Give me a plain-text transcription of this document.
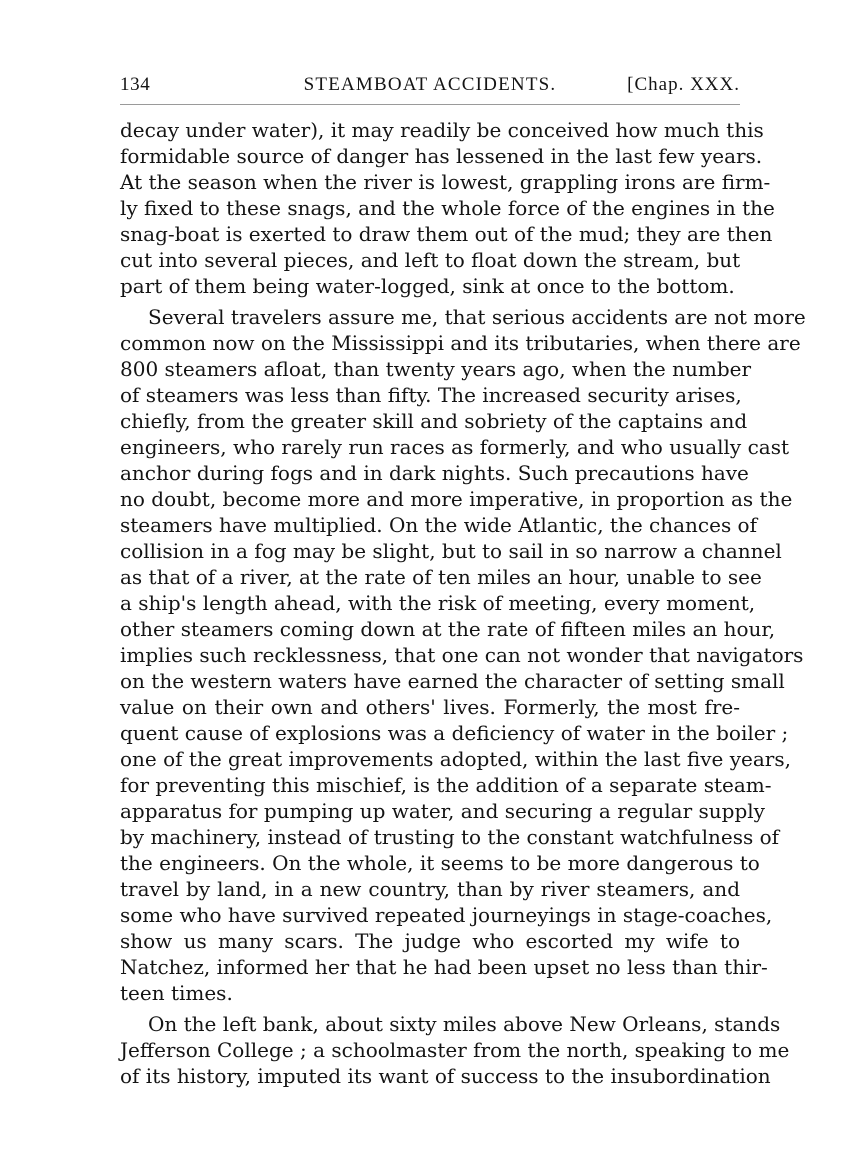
134	STEAMBOAT ACCIDENTS.	[Chap. XXX.
decay under water), it may readily be conceived how much this
formidable source of danger has lessened in the last few years.
At the season when the river is lowest, grappling irons are firm-
ly fixed to these snags, and the whole force of the engines in the
snag-boat is exerted to draw them out of the mud; they are then
cut into several pieces, and left to float down the stream, but
part of them being water-logged, sink at once to the bottom.
Several travelers assure me, that serious accidents are not more
common now on the Mississippi and its tributaries, when there are
800 steamers afloat, than twenty years ago, when the number
of steamers was less than fifty. The increased security arises,
chiefly, from the greater skill and sobriety of the captains and
engineers, who rarely run races as formerly, and who usually cast
anchor during fogs and in dark nights. Such precautions have
no doubt, become more and more imperative, in proportion as the
steamers have multiplied. On the wide Atlantic, the chances of
collision in a fog may be slight, but to sail in so narrow a channel
as that of a river, at the rate of ten miles an hour, unable to see
a ship's length ahead, with the risk of meeting, every moment,
other steamers coming down at the rate of fifteen miles an hour,
implies such recklessness, that one can not wonder that navigators
on the western waters have earned the character of setting small
value on their own and others' lives. Formerly, the most fre-
quent cause of explosions was a deficiency of water in the boiler ;
one of the great improvements adopted, within the last five years,
for preventing this mischief, is the addition of a separate steam-
apparatus for pumping up water, and securing a regular supply
by machinery, instead of trusting to the constant watchfulness of
the engineers. On the whole, it seems to be more dangerous to
travel by land, in a new country, than by river steamers, and
some who have survived repeated journeyings in stage-coaches,
show us many scars. The judge who escorted my wife to
Natchez, informed her that he had been upset no less than thir-
teen times.
On the left bank, about sixty miles above New Orleans, stands
Jefferson College ; a schoolmaster from the north, speaking to me
of its history, imputed its want of success to the insubordination
